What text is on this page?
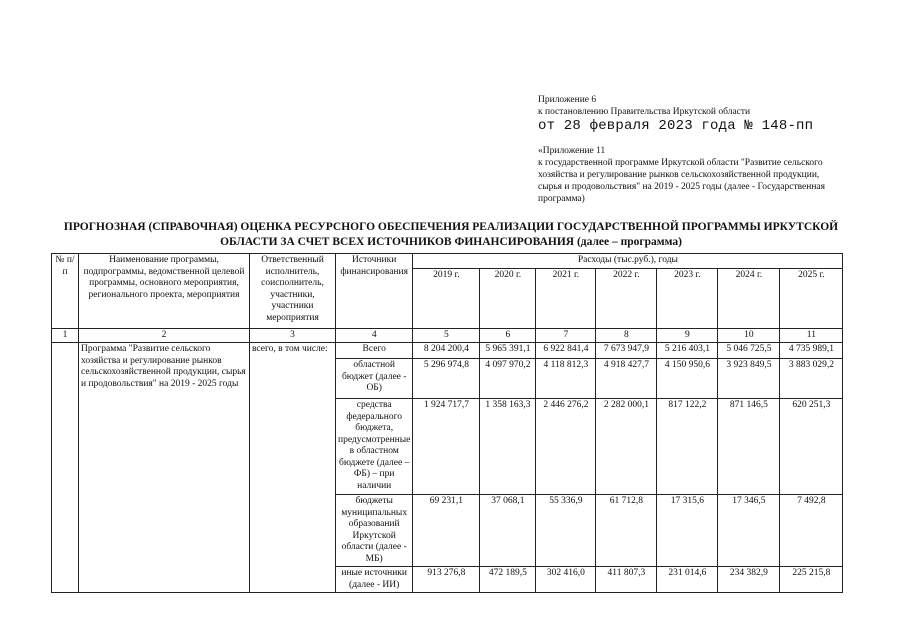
Приложение 6
к постановлению Правительства Иркутской области
от 28 февраля 2023 года № 148-пп
«Приложение 11
к государственной программе Иркутской области "Развитие сельского хозяйства и регулирование рынков сельскохозяйственной продукции, сырья и продовольствия" на 2019 - 2025 годы (далее - Государственная программа)
ПРОГНОЗНАЯ (СПРАВОЧНАЯ) ОЦЕНКА РЕСУРСНОГО ОБЕСПЕЧЕНИЯ РЕАЛИЗАЦИИ ГОСУДАРСТВЕННОЙ ПРОГРАММЫ ИРКУТСКОЙ ОБЛАСТИ ЗА СЧЕТ ВСЕХ ИСТОЧНИКОВ ФИНАНСИРОВАНИЯ (далее – программа)
№ п/п	Наименование программы, подпрограммы, ведомственной целевой программы, основного мероприятия, регионального проекта, мероприятия	Ответственный исполнитель, соисполнитель, участники, участники мероприятия	Источники финансирования	Расходы (тыс.руб.), годы						
				2019 г.	2020 г.	2021 г.	2022 г.	2023 г.	2024 г.	2025 г.
1	2	3	4	5	6	7	8	9	10	11
	Программа "Развитие сельского хозяйства и регулирование рынков сельскохозяйственной продукции, сырья и продовольствия" на 2019 - 2025 годы	всего, в том числе:	Всего	8 204 200,4	5 965 391,1	6 922 841,4	7 673 947,9	5 216 403,1	5 046 725,5	4 735 989,1
			областной бюджет (далее - ОБ)	5 296 974,8	4 097 970,2	4 118 812,3	4 918 427,7	4 150 950,6	3 923 849,5	3 883 029,2
			средства федерального бюджета, предусмотренные в областном бюджете (далее – ФБ) – при наличии	1 924 717,7	1 358 163,3	2 446 276,2	2 282 000,1	817 122,2	871 146,5	620 251,3
			бюджеты муниципальных образований Иркутской области (далее - МБ)	69 231,1	37 068,1	55 336,9	61 712,8	17 315,6	17 346,5	7 492,8
			иные источники (далее - ИИ)	913 276,8	472 189,5	302 416,0	411 807,3	231 014,6	234 382,9	225 215,8
